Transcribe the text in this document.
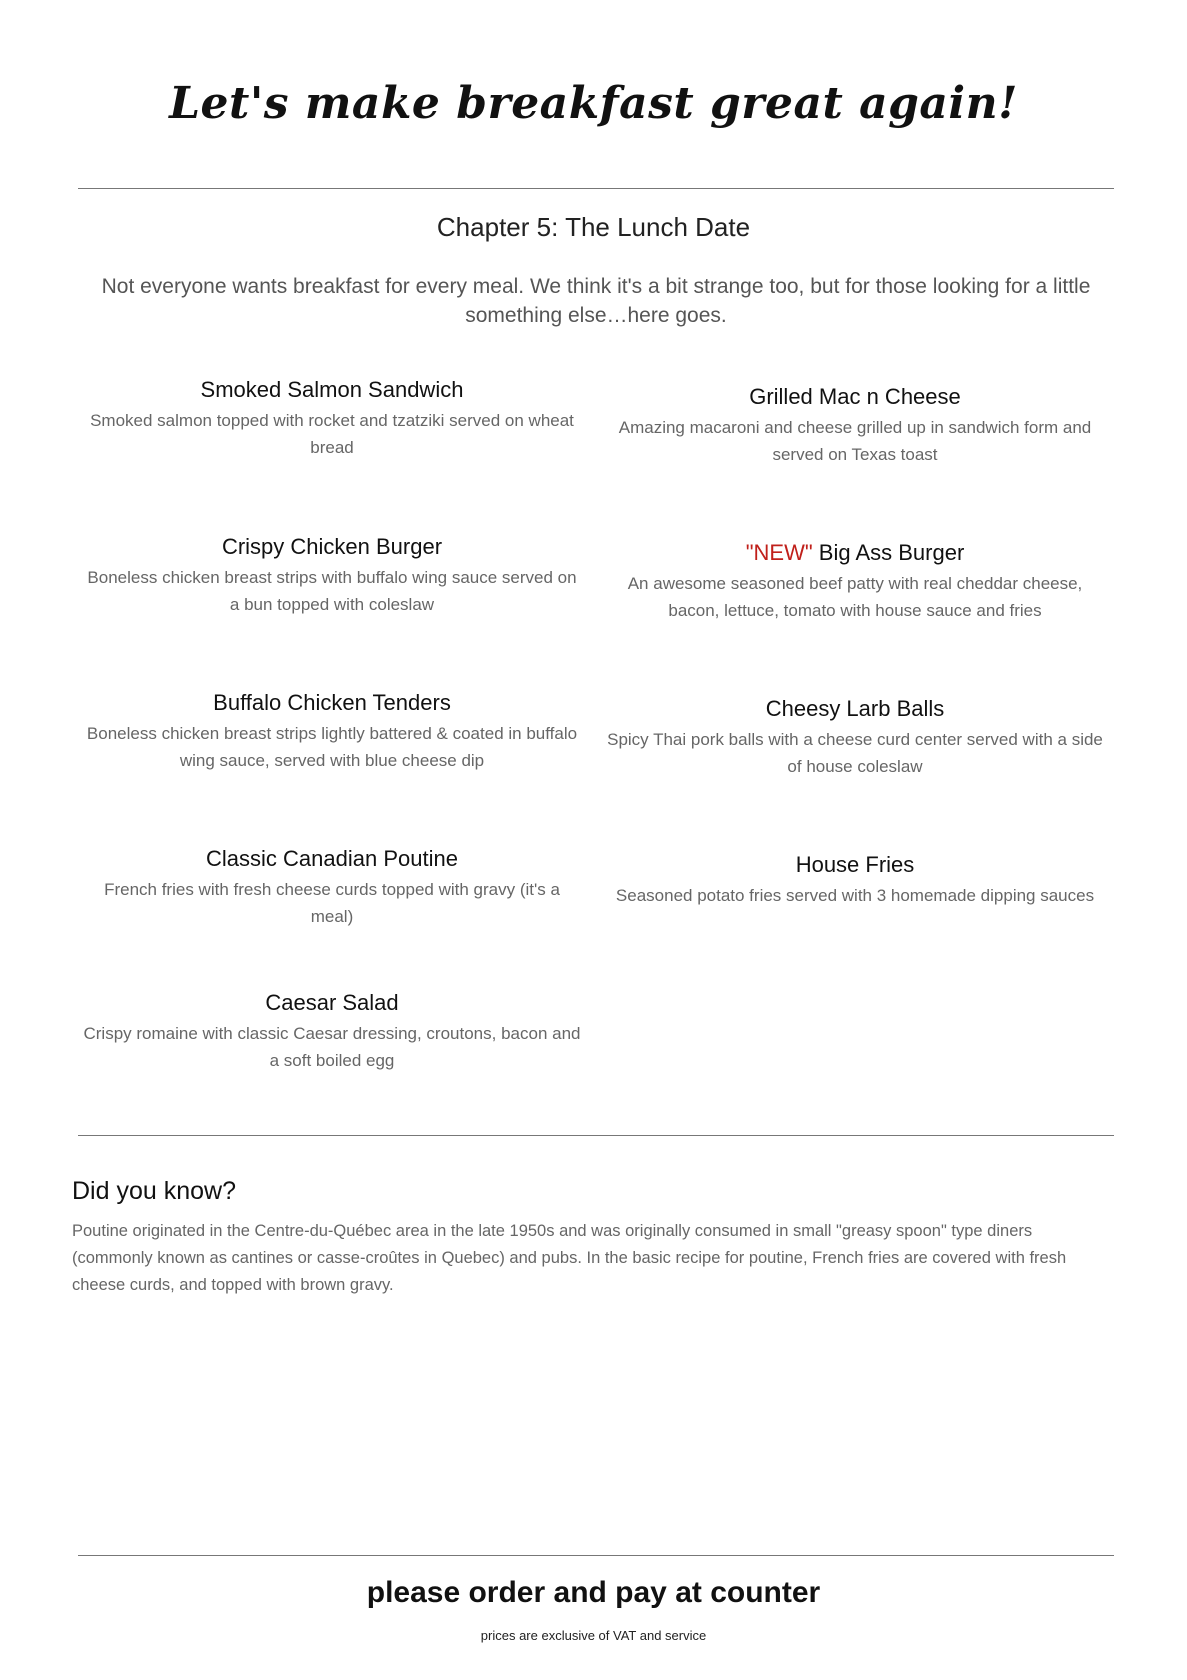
Let's make breakfast great again!
Chapter 5: The Lunch Date
Not everyone wants breakfast for every meal. We think it's a bit strange too, but for those looking for a little something else…here goes.
Smoked Salmon Sandwich
Smoked salmon topped with rocket and tzatziki served on wheat bread
Crispy Chicken Burger
Boneless chicken breast strips with buffalo wing sauce served on a bun topped with coleslaw
Buffalo Chicken Tenders
Boneless chicken breast strips lightly battered & coated in buffalo wing sauce, served with blue cheese dip
Classic Canadian Poutine
French fries with fresh cheese curds topped with gravy (it's a meal)
Caesar Salad
Crispy romaine with classic Caesar dressing, croutons, bacon and a soft boiled egg
Grilled Mac n Cheese
Amazing macaroni and cheese grilled up in sandwich form and served on Texas toast
"NEW" Big Ass Burger
An awesome seasoned beef patty with real cheddar cheese, bacon, lettuce, tomato with house sauce and fries
Cheesy Larb Balls
Spicy Thai pork balls with a cheese curd center served with a side of house coleslaw
House Fries
Seasoned potato fries served with 3 homemade dipping sauces
Did you know?
Poutine originated in the Centre-du-Québec area in the late 1950s and was originally consumed in small "greasy spoon" type diners (commonly known as cantines or casse-croûtes in Quebec) and pubs. In the basic recipe for poutine, French fries are covered with fresh cheese curds, and topped with brown gravy.
please order and pay at counter
prices are exclusive of VAT and service
